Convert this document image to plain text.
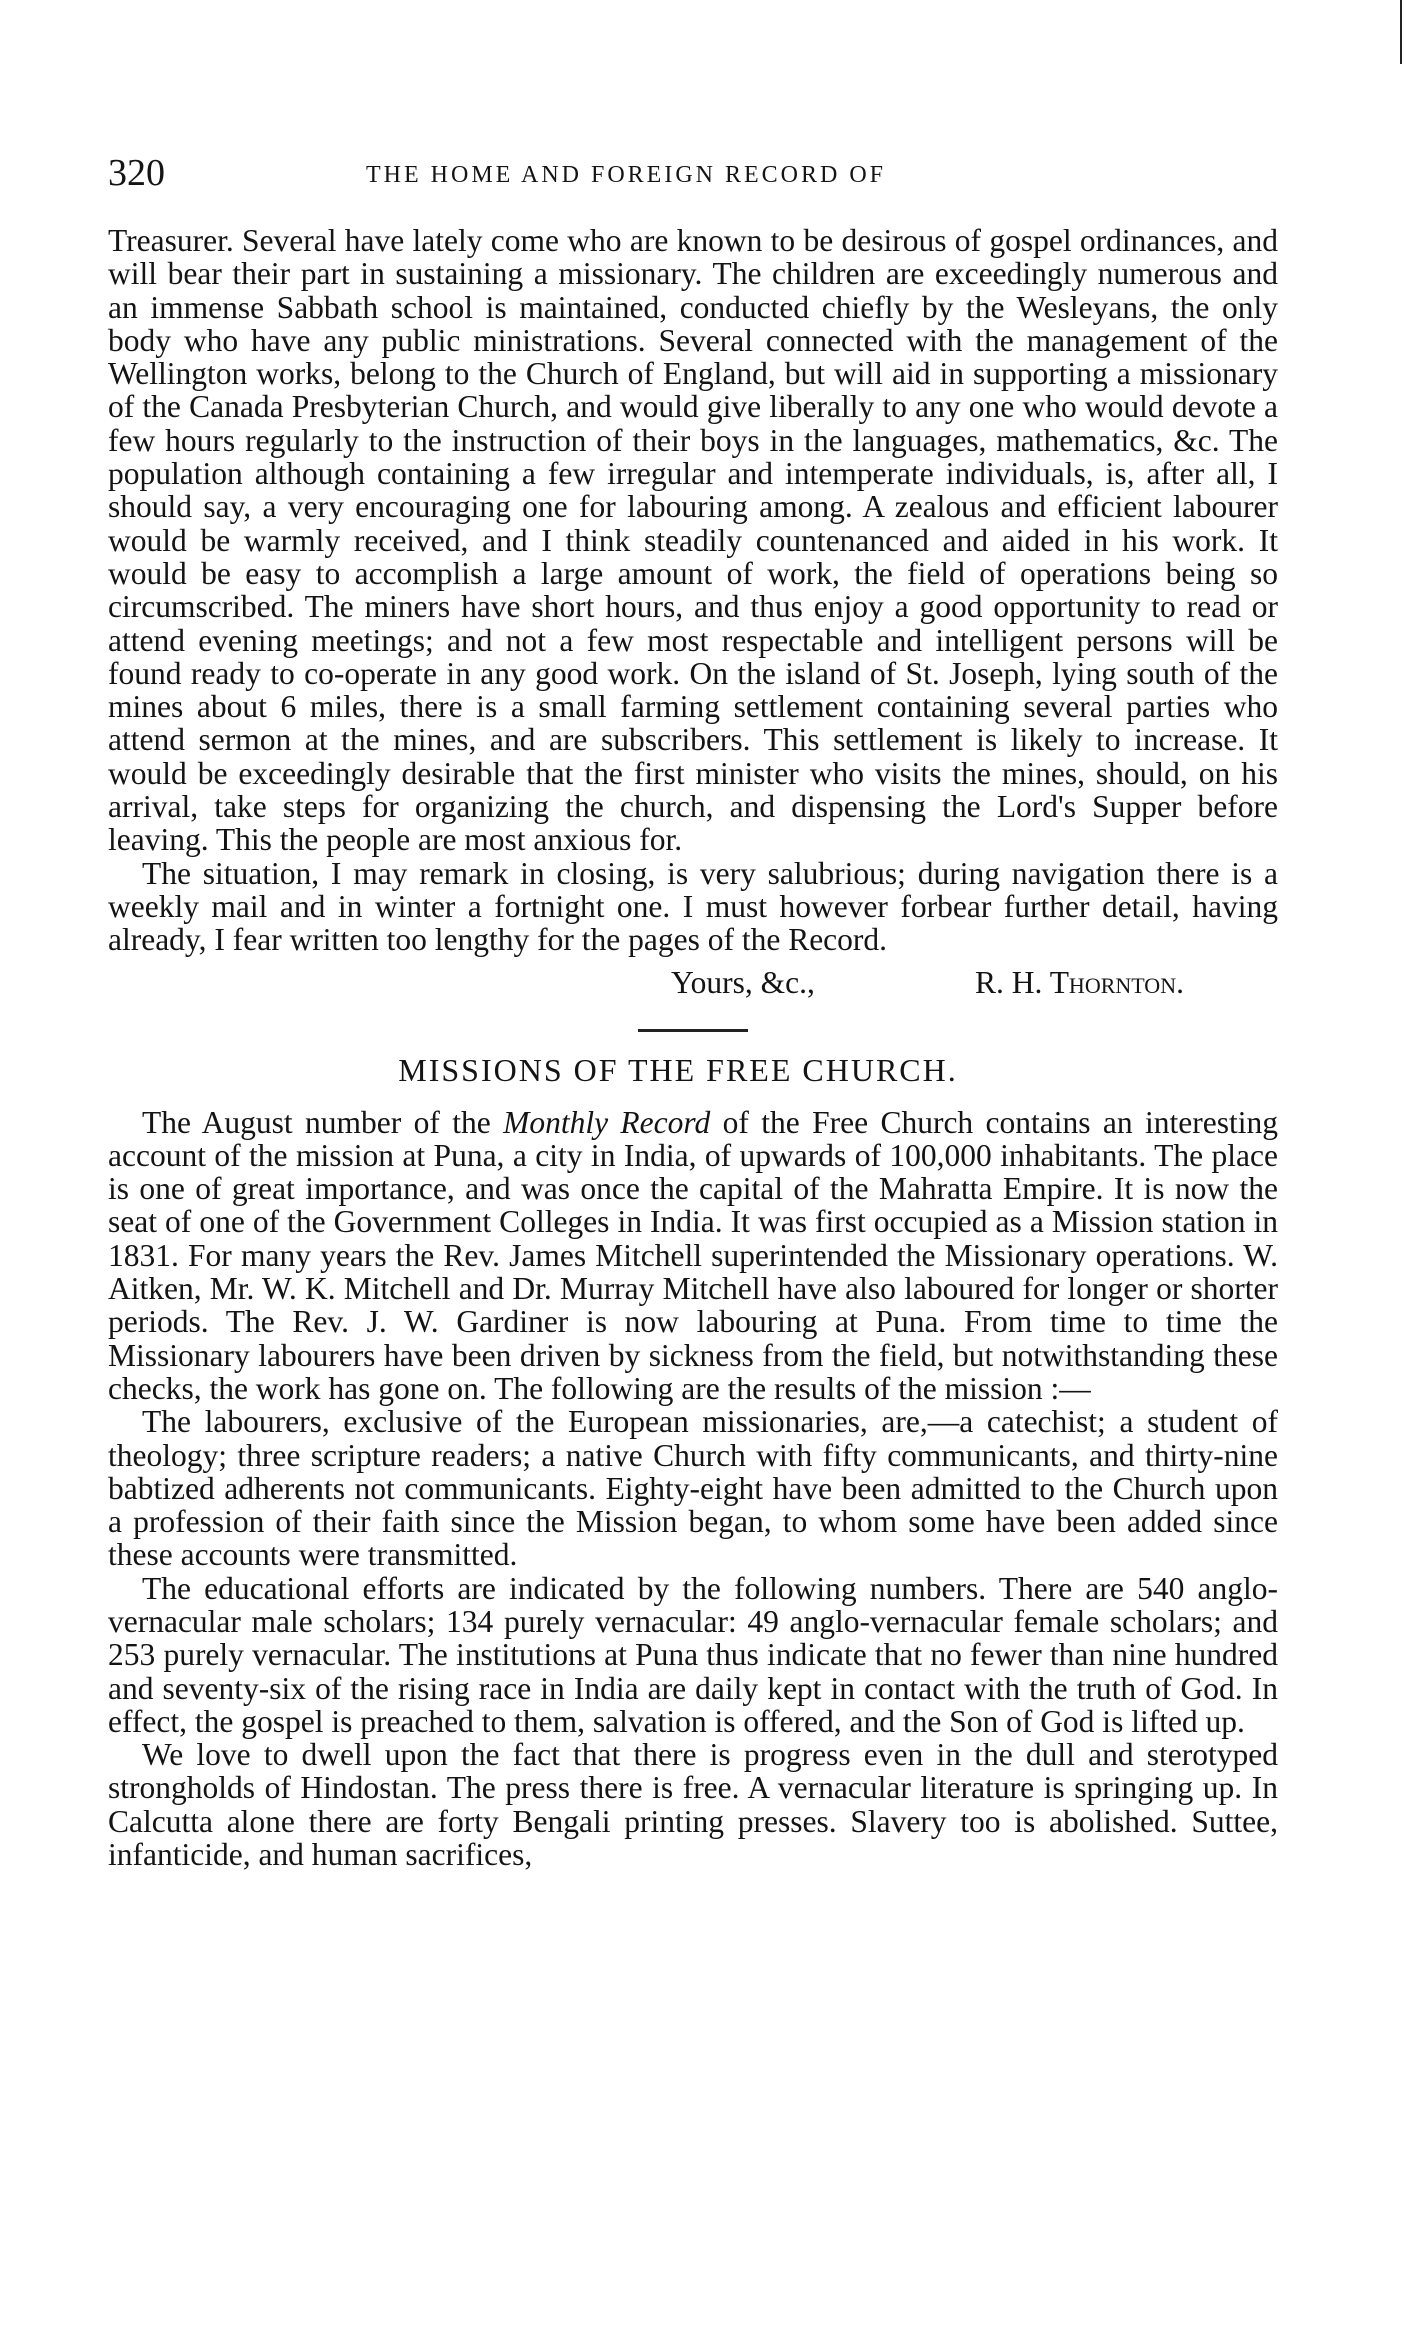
320	THE HOME AND FOREIGN RECORD OF

Treasurer. Several have lately come who are known to be desirous of gospel ordinances, and will bear their part in sustaining a missionary. The children are exceedingly numerous and an immense Sabbath school is maintained, conducted chiefly by the Wesleyans, the only body who have any public ministrations. Several connected with the management of the Wellington works, belong to the Church of England, but will aid in supporting a missionary of the Canada Presbyterian Church, and would give liberally to any one who would devote a few hours regularly to the instruction of their boys in the languages, mathematics, &c. The population although containing a few irregular and intemperate individuals, is, after all, I should say, a very encouraging one for labouring among. A zealous and efficient labourer would be warmly received, and I think steadily countenanced and aided in his work. It would be easy to accomplish a large amount of work, the field of operations being so circumscribed. The miners have short hours, and thus enjoy a good opportunity to read or attend evening meetings; and not a few most respectable and intelligent persons will be found ready to co-operate in any good work. On the island of St. Joseph, lying south of the mines about 6 miles, there is a small farming settlement containing several parties who attend sermon at the mines, and are subscribers. This settlement is likely to increase. It would be exceedingly desirable that the first minister who visits the mines, should, on his arrival, take steps for organizing the church, and dispensing the Lord's Supper before leaving. This the people are most anxious for.

The situation, I may remark in closing, is very salubrious; during navigation there is a weekly mail and in winter a fortnight one. I must however forbear further detail, having already, I fear written too lengthy for the pages of the Record.

Yours, &c.,	R. H. Thornton.
MISSIONS OF THE FREE CHURCH.

The August number of the Monthly Record of the Free Church contains an interesting account of the mission at Puna, a city in India, of upwards of 100,000 inhabitants. The place is one of great importance, and was once the capital of the Mahratta Empire. It is now the seat of one of the Government Colleges in India. It was first occupied as a Mission station in 1831. For many years the Rev. James Mitchell superintended the Missionary operations. W. Aitken, Mr. W. K. Mitchell and Dr. Murray Mitchell have also laboured for longer or shorter periods. The Rev. J. W. Gardiner is now labouring at Puna. From time to time the Missionary labourers have been driven by sickness from the field, but notwithstanding these checks, the work has gone on. The following are the results of the mission :—

The labourers, exclusive of the European missionaries, are,—a catechist; a student of theology; three scripture readers; a native Church with fifty communicants, and thirty-nine babtized adherents not communicants. Eighty-eight have been admitted to the Church upon a profession of their faith since the Mission began, to whom some have been added since these accounts were transmitted.

The educational efforts are indicated by the following numbers. There are 540 anglo-vernacular male scholars; 134 purely vernacular: 49 anglo-vernacular female scholars; and 253 purely vernacular. The institutions at Puna thus indicate that no fewer than nine hundred and seventy-six of the rising race in India are daily kept in contact with the truth of God. In effect, the gospel is preached to them, salvation is offered, and the Son of God is lifted up.

We love to dwell upon the fact that there is progress even in the dull and sterotyped strongholds of Hindostan. The press there is free. A vernacular literature is springing up. In Calcutta alone there are forty Bengali printing presses. Slavery too is abolished. Suttee, infanticide, and human sacrifices,
